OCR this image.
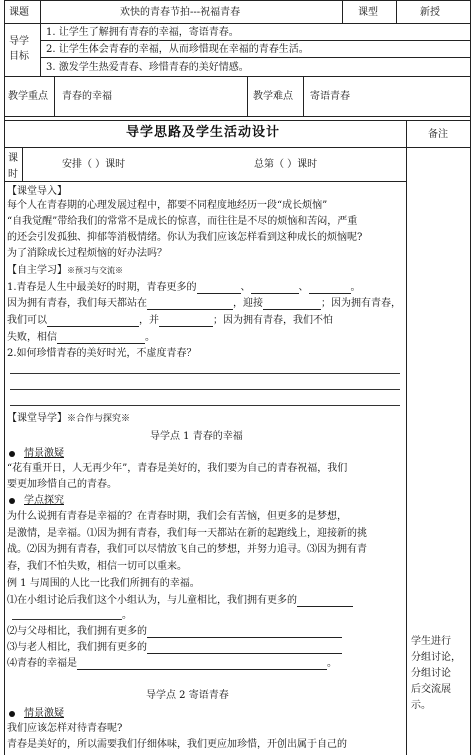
课题	欢快的青春节拍---祝福青春	课型	新授
导学
目标
1. 让学生了解拥有青春的幸福，寄语青春。
2. 让学生体会青春的幸福，从而珍惜现在幸福的青春生活。
3. 激发学生热爱青春、珍惜青春的美好情感。
教学重点 青春的幸福	教学难点 寄语青春
导学思路及学生活动设计	备注
课
时
安排（ ）课时	总第（ ）课时
【课堂导入】
每个人在青春期的心理发展过程中，都要不同程度地经历一段“成长烦恼”
“自我觉醒”带给我们的常常不是成长的惊喜，而往往是不尽的烦恼和苦闷，严重
的还会引发孤独、抑郁等消极情绪。你认为我们应该怎样看到这种成长的烦恼呢?
为了消除成长过程烦恼的好办法吗？
【自主学习】※预习与交流※
1.青春是人生中最美好的时期，青春更多的	、	、	。
因为拥有青春，我们每天都站在	，迎接	；因为拥有青春，
我们可以	，并	；因为拥有青春，我们不怕
失败，相信	。
2.如何珍惜青春的美好时光，不虚度青春？
【课堂导学】※合作与探究※
导学点 1 青春的幸福
情景激疑
“花有重开日，人无再少年”，青春是美好的，我们要为自己的青春祝福，我们
要更加珍惜自己的青春。
学点探究
为什么说拥有青春是幸福的？在青春时期，我们会有苦恼，但更多的是梦想，
是激情，是幸福。⑴因为拥有青春，我们每一天都站在新的起跑线上，迎接新的挑
战。⑵因为拥有青春，我们可以尽情放飞自己的梦想，并努力追寻。⑶因为拥有青
春，我们不怕失败，相信一切可以重来。
例 1 与周围的人比一比我们所拥有的幸福。
⑴在小组讨论后我们这个小组认为，与儿童相比，我们拥有更多的
。
⑵与父母相比，我们拥有更多的
⑶与老人相比，我们拥有更多的
⑷青春的幸福是	。
学生进行
分组讨论，
分组讨论
后交流展
示。
导学点 2 寄语青春
情景激疑
我们应该怎样对待青春呢?
青春是美好的，所以需要我们仔细体味，我们更应加珍惜，开创出属于自己的
